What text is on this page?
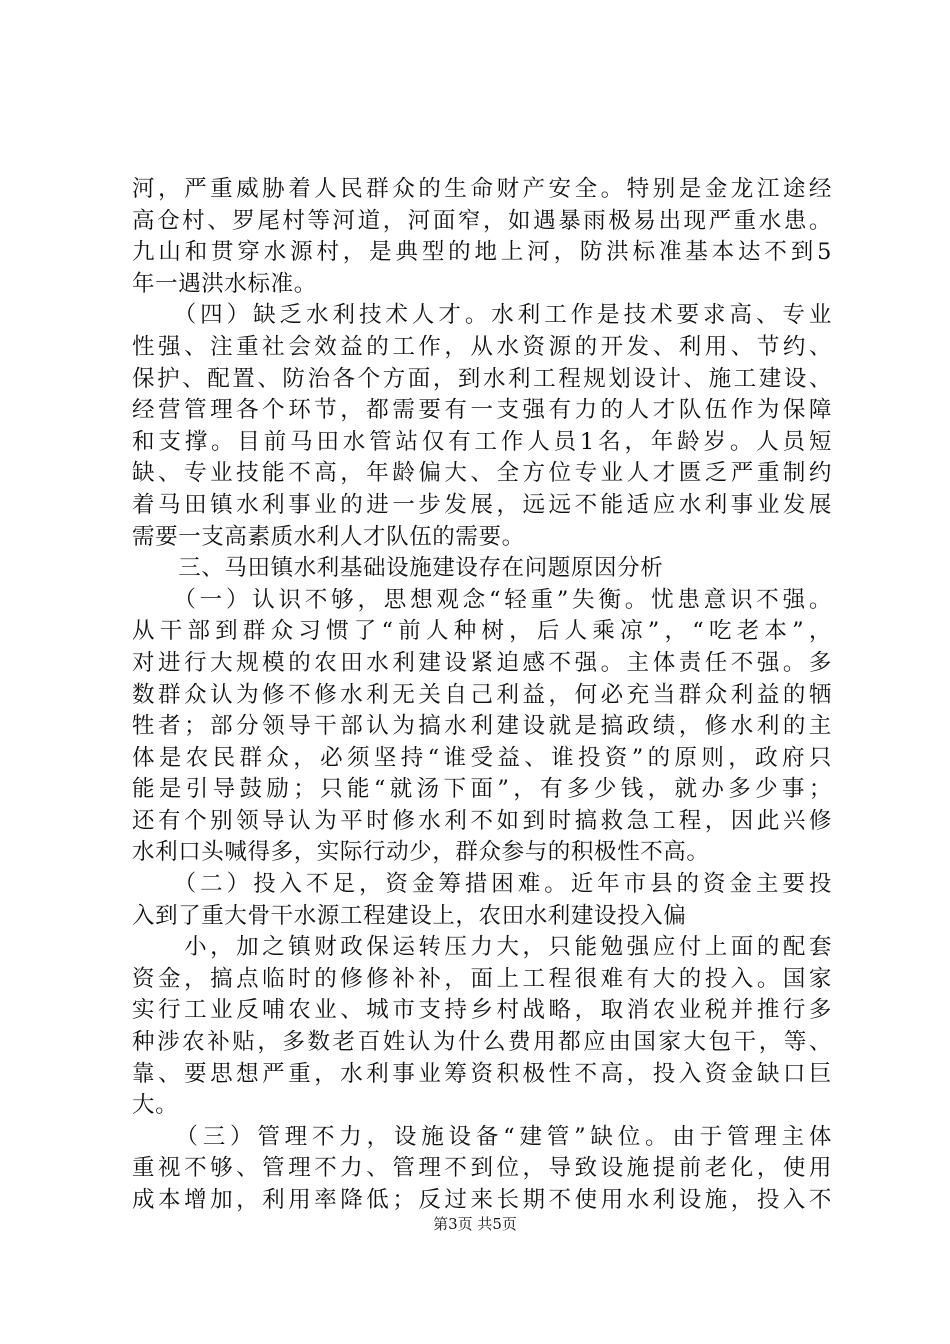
河，严重威胁着人民群众的生命财产安全。特别是金龙江途经
高仓村、罗尾村等河道，河面窄，如遇暴雨极易出现严重水患。
九山和贯穿水源村，是典型的地上河，防洪标准基本达不到5
年一遇洪水标准。
　　（四）缺乏水利技术人才。水利工作是技术要求高、专业
性强、注重社会效益的工作，从水资源的开发、利用、节约、
保护、配置、防治各个方面，到水利工程规划设计、施工建设、
经营管理各个环节，都需要有一支强有力的人才队伍作为保障
和支撑。目前马田水管站仅有工作人员1名，年龄岁。人员短
缺、专业技能不高，年龄偏大、全方位专业人才匮乏严重制约
着马田镇水利事业的进一步发展，远远不能适应水利事业发展
需要一支高素质水利人才队伍的需要。
　　三、马田镇水利基础设施建设存在问题原因分析
　　（一）认识不够，思想观念“轻重”失衡。忧患意识不强。
从干部到群众习惯了“前人种树，后人乘凉”，“吃老本”，
对进行大规模的农田水利建设紧迫感不强。主体责任不强。多
数群众认为修不修水利无关自己利益，何必充当群众利益的牺
牲者；部分领导干部认为搞水利建设就是搞政绩，修水利的主
体是农民群众，必须坚持“谁受益、谁投资”的原则，政府只
能是引导鼓励；只能“就汤下面”，有多少钱，就办多少事；
还有个别领导认为平时修水利不如到时搞救急工程，因此兴修
水利口头喊得多，实际行动少，群众参与的积极性不高。
　　（二）投入不足，资金筹措困难。近年市县的资金主要投
入到了重大骨干水源工程建设上，农田水利建设投入偏
　　小，加之镇财政保运转压力大，只能勉强应付上面的配套
资金，搞点临时的修修补补，面上工程很难有大的投入。国家
实行工业反哺农业、城市支持乡村战略，取消农业税并推行多
种涉农补贴，多数老百姓认为什么费用都应由国家大包干，等、
靠、要思想严重，水利事业筹资积极性不高，投入资金缺口巨
大。
　　（三）管理不力，设施设备“建管”缺位。由于管理主体
重视不够、管理不力、管理不到位，导致设施提前老化，使用
成本增加，利用率降低；反过来长期不使用水利设施，投入不
第3页 共5页
